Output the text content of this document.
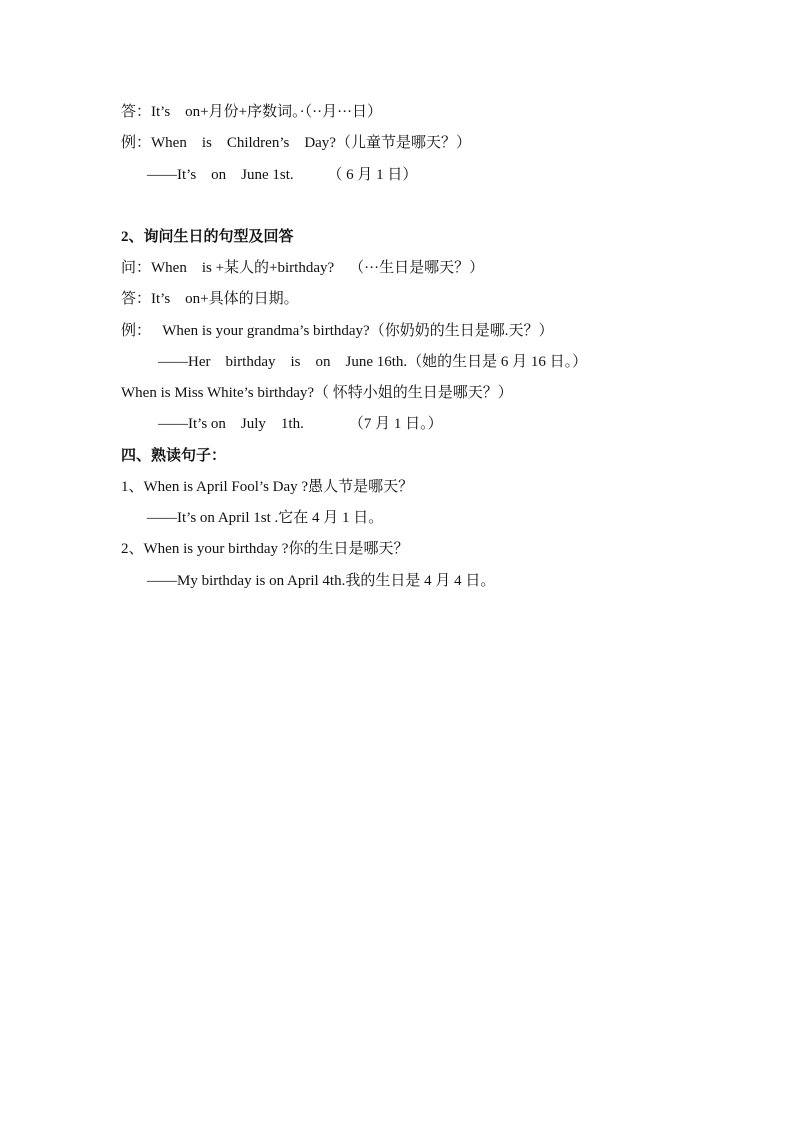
答：It’s    on+月份+序数词。·（··月···日）
例：When    is    Children’s    Day?（儿童节是哪天？）
——It’s    on    June 1st.         （ 6 月 1 日）
2、询问生日的句型及回答
问：When    is +某人的+birthday?    （···生日是哪天？）
答：It’s    on+具体的日期。
例：   When is your grandma’s birthday?（你奶奶的生日是哪.天？）
——Her    birthday    is    on    June 16th.（她的生日是 6 月 16 日。）
When is Miss White’s birthday?（ 怀特小姐的生日是哪天？）
——It’s on    July    1th.            （7 月 1 日。）
四、熟读句子：
1、When is April Fool’s Day ?愚人节是哪天？
——It’s on April 1st .它在 4 月 1 日。
2、When is your birthday ?你的生日是哪天？
——My birthday is on April 4th.我的生日是 4 月 4 日。
